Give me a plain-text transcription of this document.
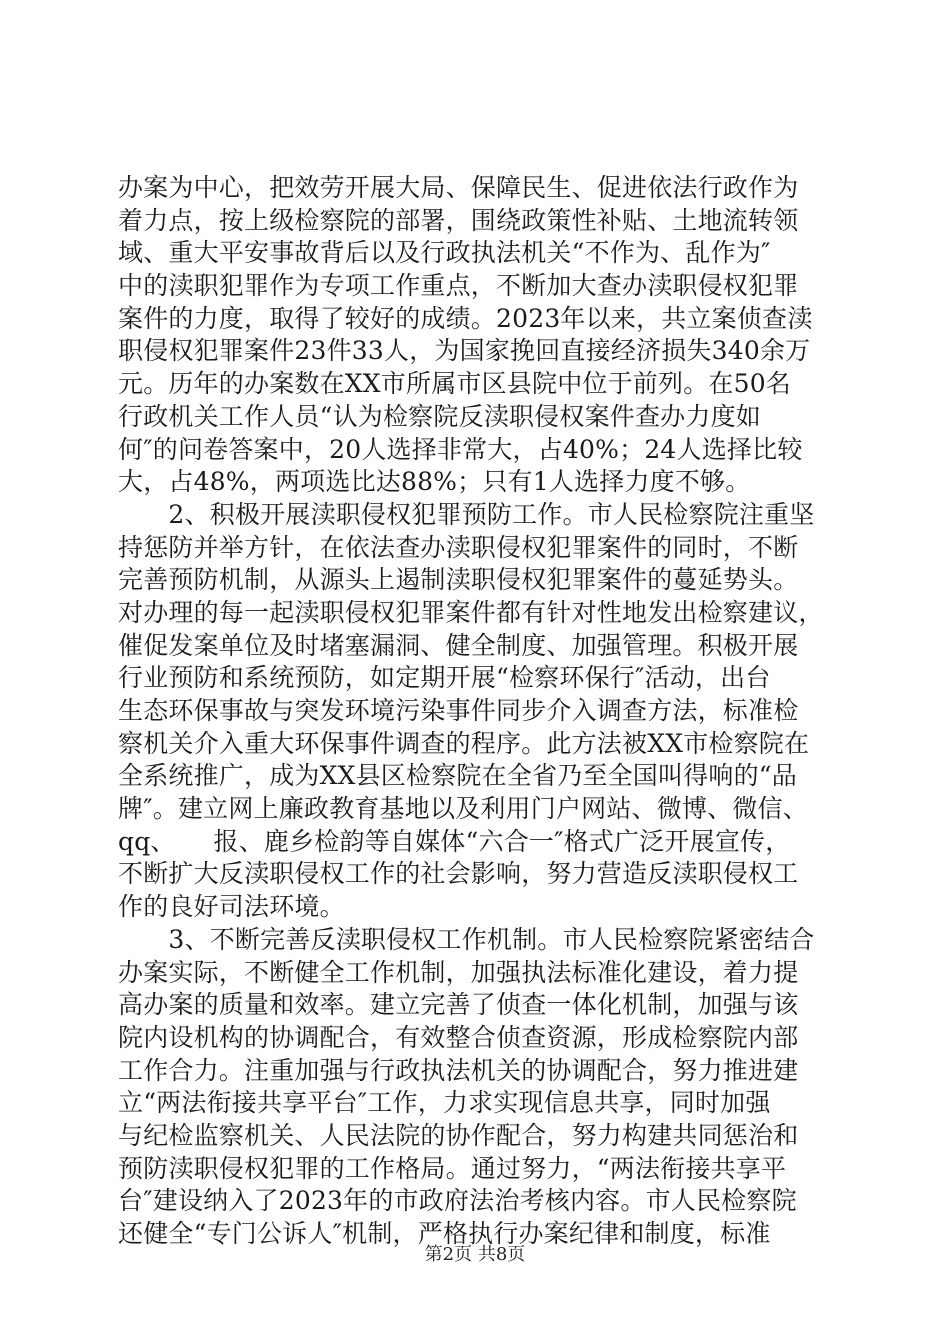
办案为中心，把效劳开展大局、保障民生、促进依法行政作为
着力点，按上级检察院的部署，围绕政策性补贴、土地流转领
域、重大平安事故背后以及行政执法机关“不作为、乱作为″
中的渎职犯罪作为专项工作重点，不断加大查办渎职侵权犯罪
案件的力度，取得了较好的成绩。2023年以来，共立案侦查渎
职侵权犯罪案件23件33人，为国家挽回直接经济损失340余万
元。历年的办案数在XX市所属市区县院中位于前列。在50名
行政机关工作人员“认为检察院反渎职侵权案件查办力度如
何″的问卷答案中，20人选择非常大，占40%；24人选择比较
大，占48%，两项选比达88%；只有1人选择力度不够。
　　2、积极开展渎职侵权犯罪预防工作。市人民检察院注重坚
持惩防并举方针，在依法查办渎职侵权犯罪案件的同时，不断
完善预防机制，从源头上遏制渎职侵权犯罪案件的蔓延势头。
对办理的每一起渎职侵权犯罪案件都有针对性地发出检察建议，
催促发案单位及时堵塞漏洞、健全制度、加强管理。积极开展
行业预防和系统预防，如定期开展“检察环保行″活动，出台
生态环保事故与突发环境污染事件同步介入调查方法，标准检
察机关介入重大环保事件调查的程序。此方法被XX市检察院在
全系统推广，成为XX县区检察院在全省乃至全国叫得响的“品
牌″。建立网上廉政教育基地以及利用门户网站、微博、微信、
qq、　　报、鹿乡检韵等自媒体“六合一″格式广泛开展宣传，
不断扩大反渎职侵权工作的社会影响，努力营造反渎职侵权工
作的良好司法环境。
　　3、不断完善反渎职侵权工作机制。市人民检察院紧密结合
办案实际，不断健全工作机制，加强执法标准化建设，着力提
高办案的质量和效率。建立完善了侦查一体化机制，加强与该
院内设机构的协调配合，有效整合侦查资源，形成检察院内部
工作合力。注重加强与行政执法机关的协调配合，努力推进建
立“两法衔接共享平台″工作，力求实现信息共享，同时加强
与纪检监察机关、人民法院的协作配合，努力构建共同惩治和
预防渎职侵权犯罪的工作格局。通过努力，“两法衔接共享平
台″建设纳入了2023年的市政府法治考核内容。市人民检察院
还健全“专门公诉人″机制，严格执行办案纪律和制度，标准
第2页 共8页
